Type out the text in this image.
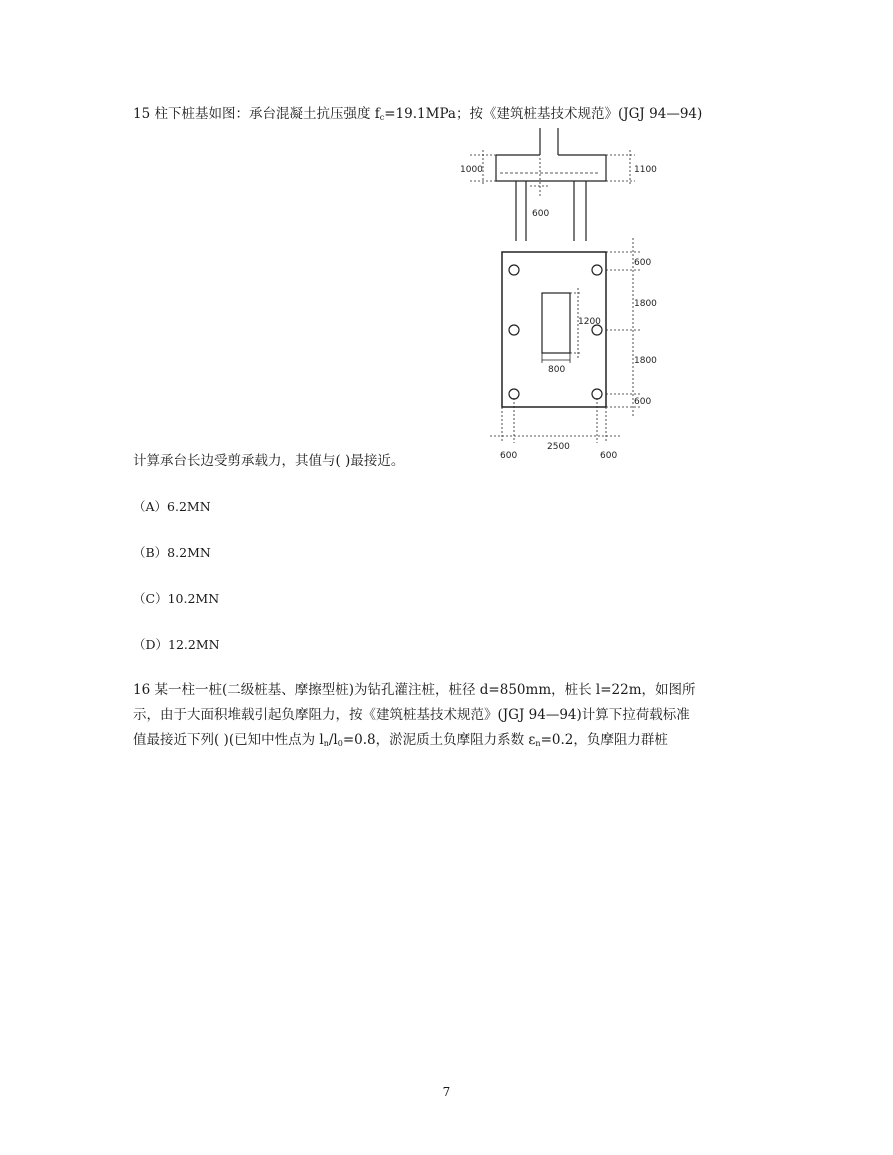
15 柱下桩基如图：承台混凝土抗压强度 $f_c=19.1MPa$；按《建筑桩基技术规范》(JGJ 94—94)
1000	1100
600
600
1800
1200
1800
800
600
2500
600	600
计算承台长边受剪承载力，其值与( )最接近。
（A）6.2MN
（B）8.2MN
（C）10.2MN
（D）12.2MN
16 某一柱一桩(二级桩基、摩擦型桩)为钻孔灌注桩，桩径 d=850mm，桩长 l=22m，如图所
示，由于大面积堆载引起负摩阻力，按《建筑桩基技术规范》(JGJ 94—94)计算下拉荷载标准
值最接近下列( )(已知中性点为 $l_n/l_0=0.8$，淤泥质土负摩阻力系数 $\varepsilon_n=0.2$，负摩阻力群桩
7
